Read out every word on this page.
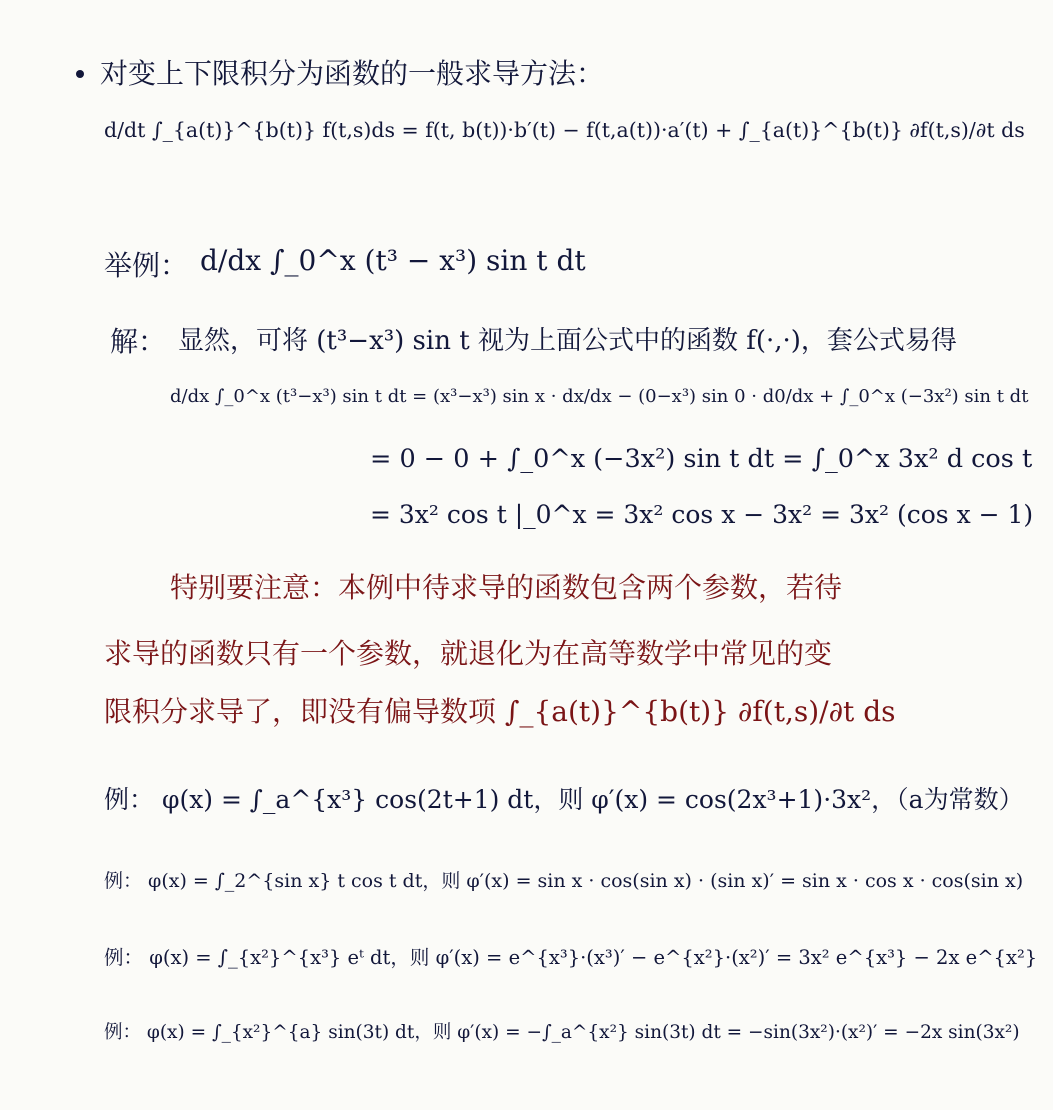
对变上下限积分为函数的一般求导方法：
d/dt ∫_{a(t)}^{b(t)} f(t,s)ds = f(t, b(t))·b′(t) − f(t,a(t))·a′(t) + ∫_{a(t)}^{b(t)} ∂f(t,s)/∂t ds
举例： d/dx ∫_0^x (t³ − x³) sin t dt
解： 显然，可将 (t³−x³) sin t 视为上面公式中的函数 f(·,·)，套公式易得
d/dx ∫_0^x (t³−x³) sin t dt = (x³−x³) sin x · dx/dx − (0−x³) sin 0 · d0/dx + ∫_0^x (−3x²) sin t dt
= 0 − 0 + ∫_0^x (−3x²) sin t dt = ∫_0^x 3x² d cos t
= 3x² cos t |_0^x = 3x² cos x − 3x² = 3x² (cos x − 1)
特别要注意：本例中待求导的函数包含两个参数，若待
求导的函数只有一个参数，就退化为在高等数学中常见的变
限积分求导了，即没有偏导数项 ∫_{a(t)}^{b(t)} ∂f(t,s)/∂t ds
例： φ(x) = ∫_a^{x³} cos(2t+1) dt，则 φ′(x) = cos(2x³+1)·3x²，（a为常数）
例： φ(x) = ∫_2^{sin x} t cos t dt，则 φ′(x) = sin x · cos(sin x) · (sin x)′ = sin x · cos x · cos(sin x)
例： φ(x) = ∫_{x²}^{x³} eᵗ dt，则 φ′(x) = e^{x³}·(x³)′ − e^{x²}·(x²)′ = 3x² e^{x³} − 2x e^{x²}
例： φ(x) = ∫_{x²}^{a} sin(3t) dt，则 φ′(x) = −∫_a^{x²} sin(3t) dt = −sin(3x²)·(x²)′ = −2x sin(3x²)
